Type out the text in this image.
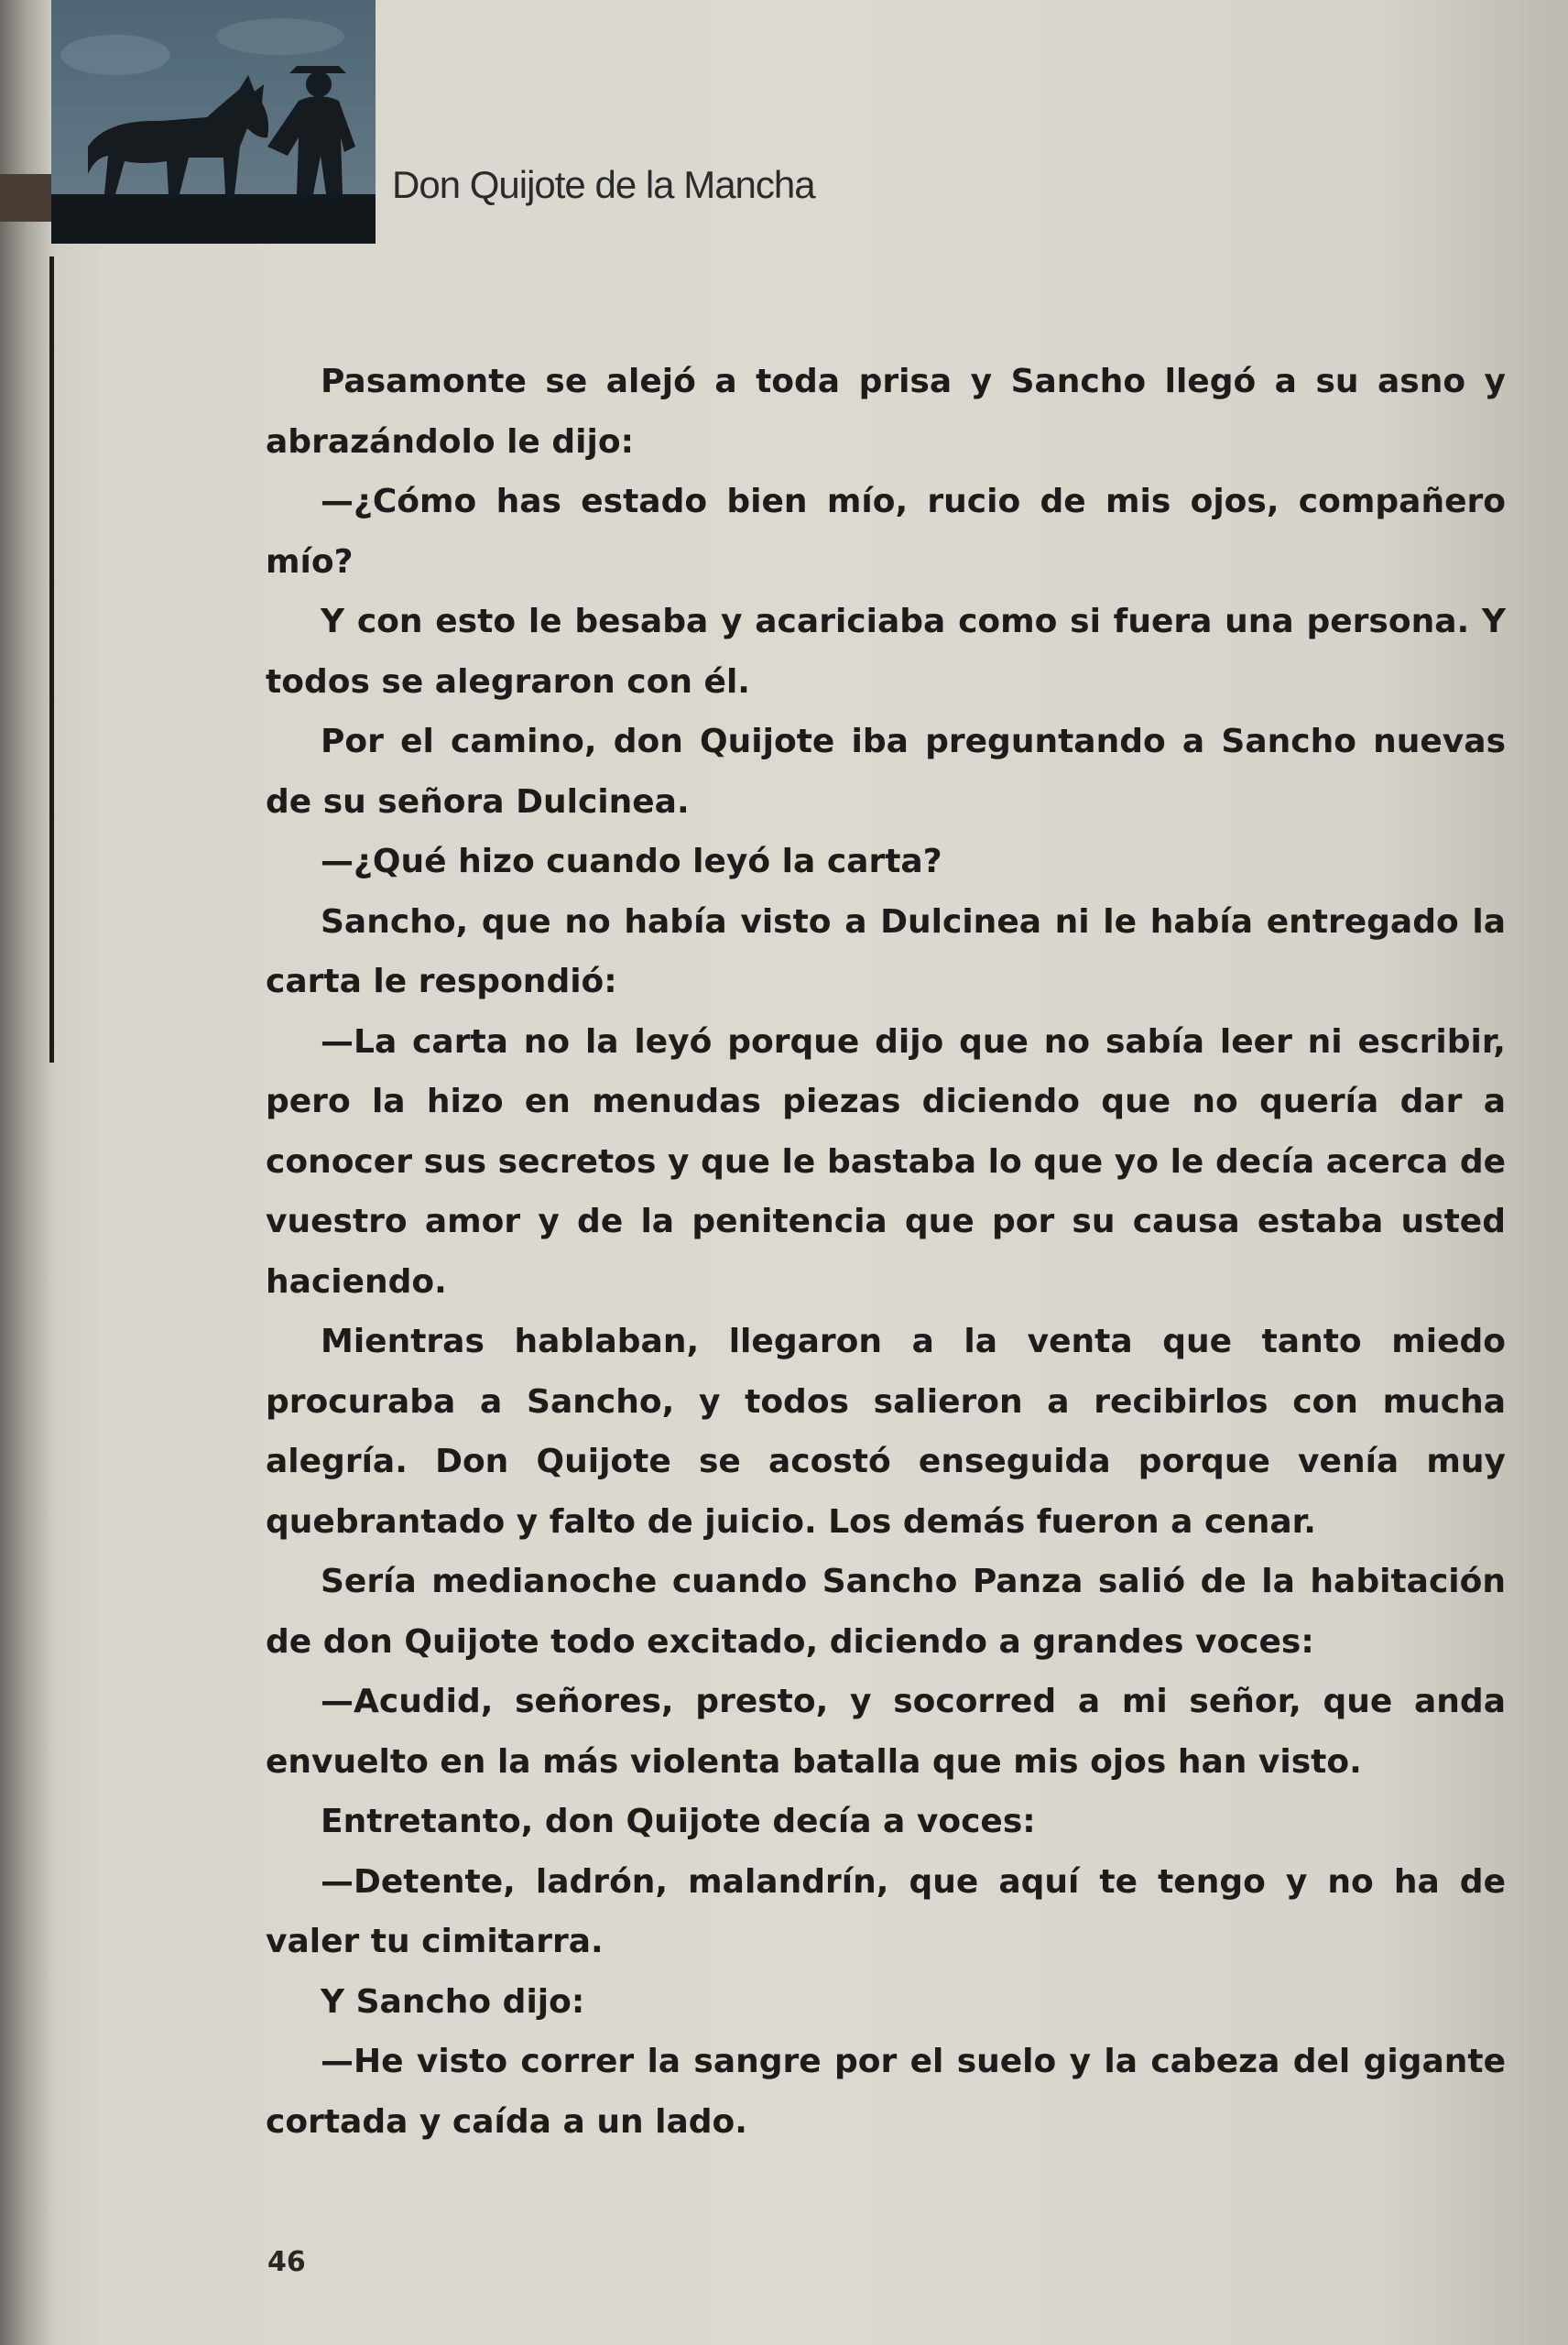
Don Quijote de la Mancha

Pasamonte se alejó a toda prisa y Sancho llegó a su asno y abrazándolo le dijo:

—¿Cómo has estado bien mío, rucio de mis ojos, compañero mío?

Y con esto le besaba y acariciaba como si fuera una persona. Y todos se alegraron con él.

Por el camino, don Quijote iba preguntando a Sancho nuevas de su señora Dulcinea.

—¿Qué hizo cuando leyó la carta?

Sancho, que no había visto a Dulcinea ni le había entregado la carta le respondió:

—La carta no la leyó porque dijo que no sabía leer ni escribir, pero la hizo en menudas piezas diciendo que no quería dar a conocer sus secretos y que le bastaba lo que yo le decía acerca de vuestro amor y de la penitencia que por su causa estaba usted haciendo.

Mientras hablaban, llegaron a la venta que tanto miedo procuraba a Sancho, y todos salieron a recibirlos con mucha alegría. Don Quijote se acostó enseguida porque venía muy quebrantado y falto de juicio. Los demás fueron a cenar.

Sería medianoche cuando Sancho Panza salió de la habitación de don Quijote todo excitado, diciendo a grandes voces:

—Acudid, señores, presto, y socorred a mi señor, que anda envuelto en la más violenta batalla que mis ojos han visto.

Entretanto, don Quijote decía a voces:

—Detente, ladrón, malandrín, que aquí te tengo y no ha de valer tu cimitarra.

Y Sancho dijo:

—He visto correr la sangre por el suelo y la cabeza del gigante cortada y caída a un lado.

46
